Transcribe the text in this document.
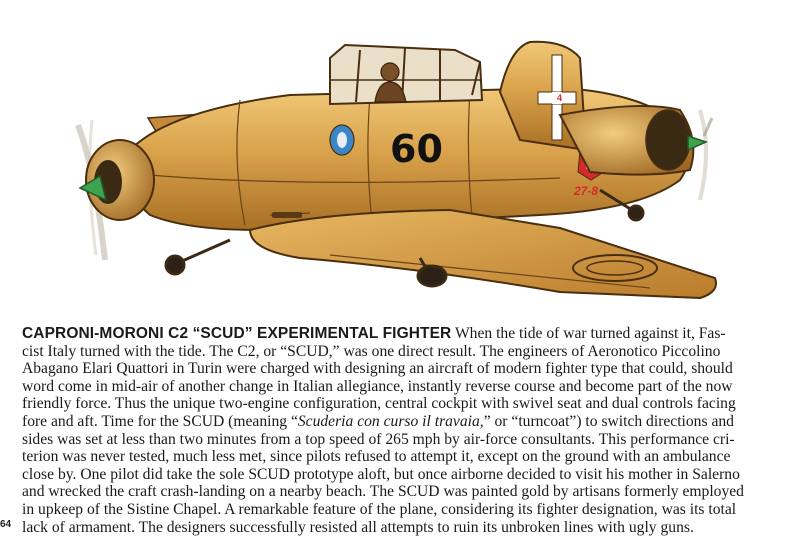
4
27-8
60
CAPRONI-MORONI C2 “SCUD” EXPERIMENTAL FIGHTER When the tide of war turned against it, Fas-
cist Italy turned with the tide. The C2, or “SCUD,” was one direct result. The engineers of Aeronotico Piccolino
Abagano Elari Quattori in Turin were charged with designing an aircraft of modern fighter type that could, should
word come in mid-air of another change in Italian allegiance, instantly reverse course and become part of the now
friendly force. Thus the unique two-engine configuration, central cockpit with swivel seat and dual controls facing
fore and aft. Time for the SCUD (meaning “Scuderia con curso il travaia,” or “turncoat”) to switch directions and
sides was set at less than two minutes from a top speed of 265 mph by air-force consultants. This performance cri-
terion was never tested, much less met, since pilots refused to attempt it, except on the ground with an ambulance
close by. One pilot did take the sole SCUD prototype aloft, but once airborne decided to visit his mother in Salerno
and wrecked the craft crash-landing on a nearby beach. The SCUD was painted gold by artisans formerly employed
in upkeep of the Sistine Chapel. A remarkable feature of the plane, considering its fighter designation, was its total
lack of armament. The designers successfully resisted all attempts to ruin its unbroken lines with ugly guns.
64
